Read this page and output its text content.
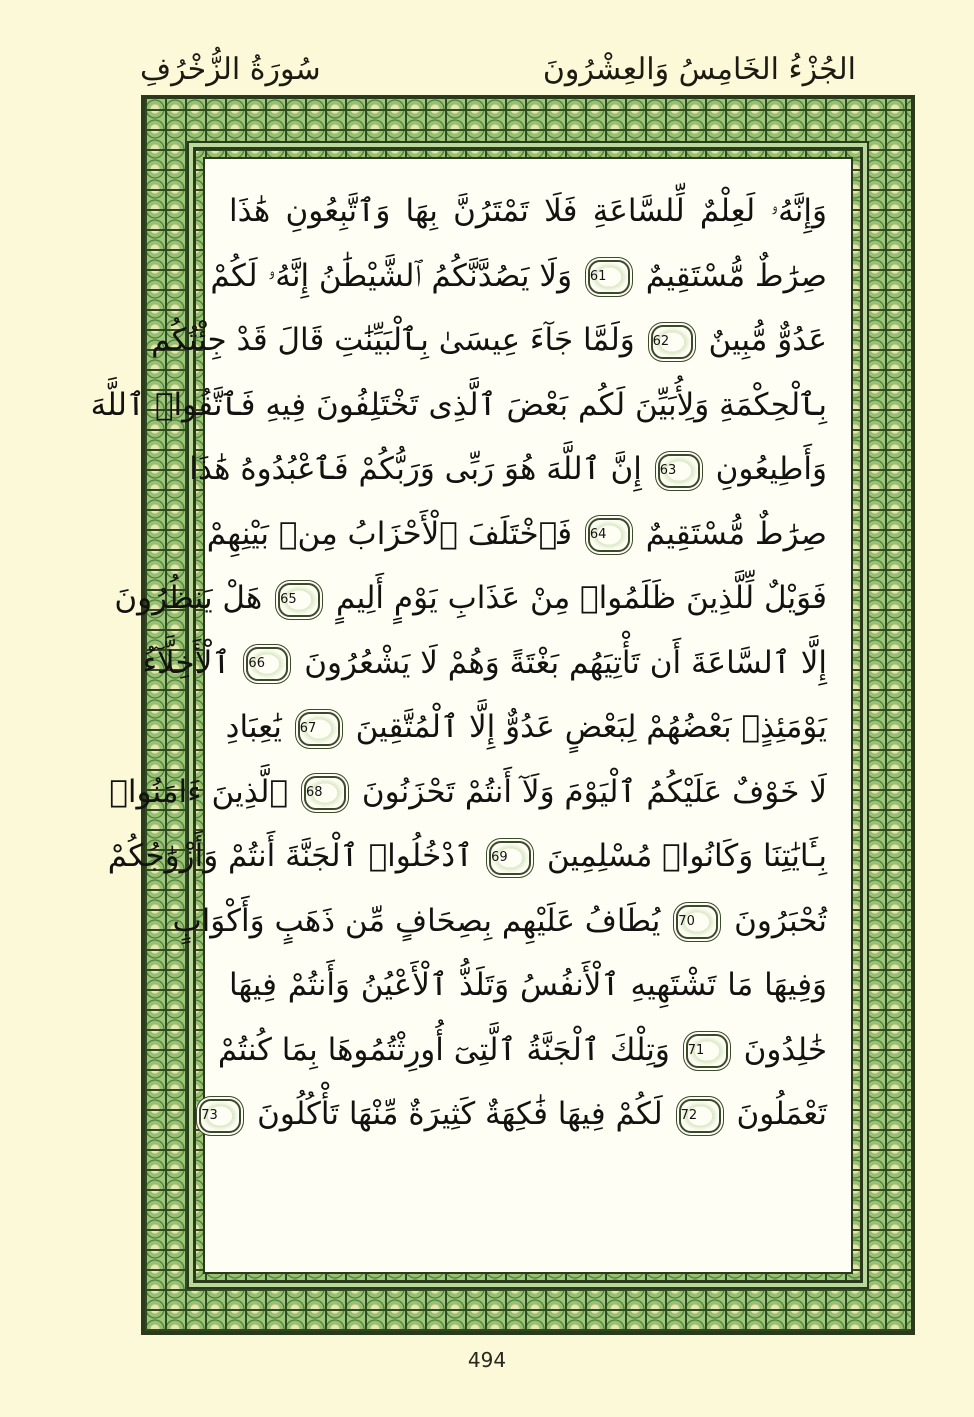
سُورَةُ الزُّخْرُفِ	الجُزْءُ الخَامِسُ وَالعِشْرُونَ
وَإِنَّهُۥ لَعِلْمٌ لِّلسَّاعَةِ فَلَا تَمْتَرُنَّ بِهَا وَٱتَّبِعُونِ هَٰذَا
صِرَٰطٌ مُّسْتَقِيمٌ 61 وَلَا يَصُدَّنَّكُمُ ٱلشَّيْطَٰنُ إِنَّهُۥ لَكُمْ
عَدُوٌّ مُّبِينٌ 62 وَلَمَّا جَآءَ عِيسَىٰ بِٱلْبَيِّنَٰتِ قَالَ قَدْ جِئْتُكُم
بِٱلْحِكْمَةِ وَلِأُبَيِّنَ لَكُم بَعْضَ ٱلَّذِى تَخْتَلِفُونَ فِيهِ فَٱتَّقُوا۟ ٱللَّهَ
وَأَطِيعُونِ 63 إِنَّ ٱللَّهَ هُوَ رَبِّى وَرَبُّكُمْ فَٱعْبُدُوهُ هَٰذَا
صِرَٰطٌ مُّسْتَقِيمٌ 64 فَٱخْتَلَفَ ٱلْأَحْزَابُ مِنۢ بَيْنِهِمْ
فَوَيْلٌ لِّلَّذِينَ ظَلَمُوا۟ مِنْ عَذَابِ يَوْمٍ أَلِيمٍ 65 هَلْ يَنظُرُونَ
إِلَّا ٱلسَّاعَةَ أَن تَأْتِيَهُم بَغْتَةً وَهُمْ لَا يَشْعُرُونَ 66 ٱلْأَخِلَّآءُ
يَوْمَئِذٍۭ بَعْضُهُمْ لِبَعْضٍ عَدُوٌّ إِلَّا ٱلْمُتَّقِينَ 67 يَٰعِبَادِ
لَا خَوْفٌ عَلَيْكُمُ ٱلْيَوْمَ وَلَآ أَنتُمْ تَحْزَنُونَ 68 ٱلَّذِينَ ءَامَنُوا۟
بِـَٔايَٰتِنَا وَكَانُوا۟ مُسْلِمِينَ 69 ٱدْخُلُوا۟ ٱلْجَنَّةَ أَنتُمْ وَأَزْوَٰجُكُمْ
تُحْبَرُونَ 70 يُطَافُ عَلَيْهِم بِصِحَافٍ مِّن ذَهَبٍ وَأَكْوَابٍ
وَفِيهَا مَا تَشْتَهِيهِ ٱلْأَنفُسُ وَتَلَذُّ ٱلْأَعْيُنُ وَأَنتُمْ فِيهَا
خَٰلِدُونَ 71 وَتِلْكَ ٱلْجَنَّةُ ٱلَّتِىٓ أُورِثْتُمُوهَا بِمَا كُنتُمْ
تَعْمَلُونَ 72 لَكُمْ فِيهَا فَٰكِهَةٌ كَثِيرَةٌ مِّنْهَا تَأْكُلُونَ 73
494
